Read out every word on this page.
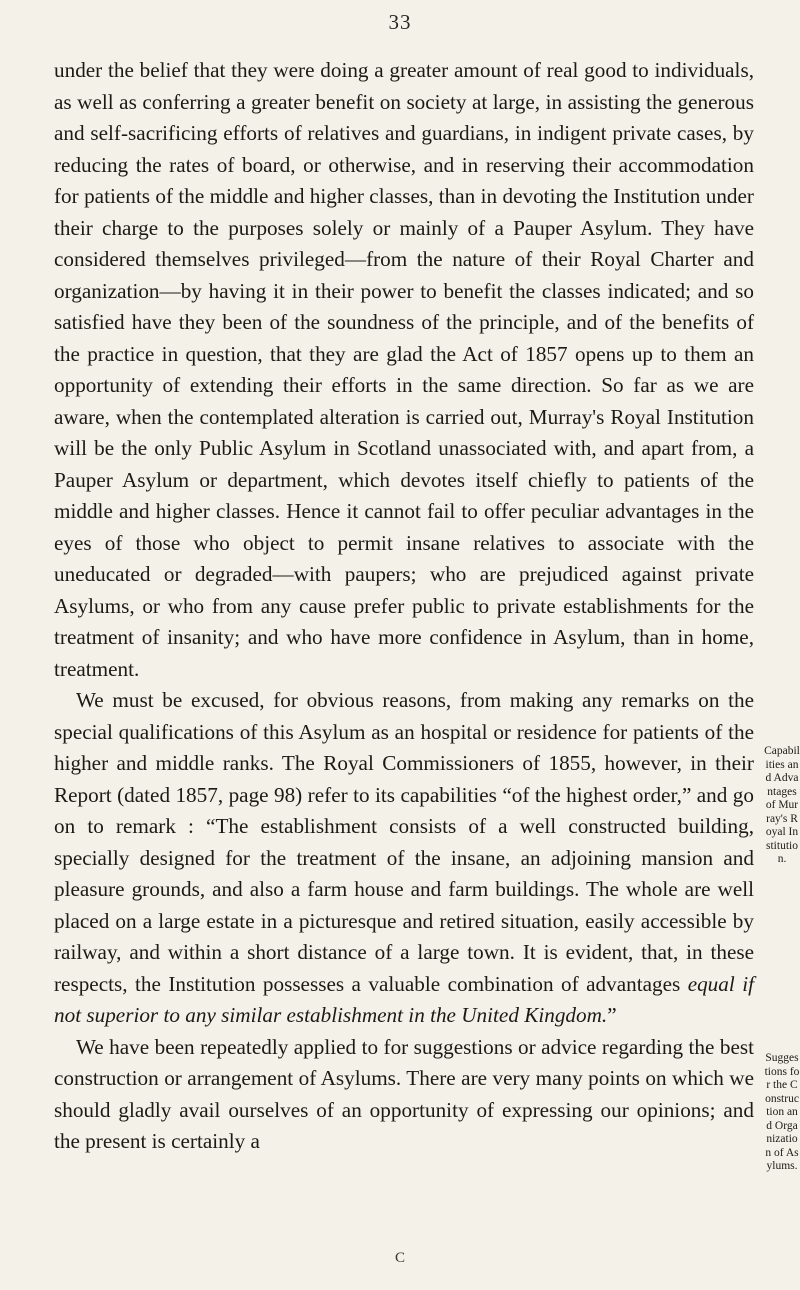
33

under the belief that they were doing a greater amount of real good to individuals, as well as conferring a greater benefit on society at large, in assisting the generous and self-sacrificing efforts of relatives and guardians, in indigent private cases, by reducing the rates of board, or otherwise, and in reserving their accommodation for patients of the middle and higher classes, than in devoting the Institution under their charge to the purposes solely or mainly of a Pauper Asylum. They have considered themselves privileged—from the nature of their Royal Charter and organization—by having it in their power to benefit the classes indicated; and so satisfied have they been of the soundness of the principle, and of the benefits of the practice in question, that they are glad the Act of 1857 opens up to them an opportunity of extending their efforts in the same direction. So far as we are aware, when the contemplated alteration is carried out, Murray's Royal Institution will be the only Public Asylum in Scotland unassociated with, and apart from, a Pauper Asylum or department, which devotes itself chiefly to patients of the middle and higher classes. Hence it cannot fail to offer peculiar advantages in the eyes of those who object to permit insane relatives to associate with the uneducated or degraded—with paupers; who are prejudiced against private Asylums, or who from any cause prefer public to private establishments for the treatment of insanity; and who have more confidence in Asylum, than in home, treatment.

We must be excused, for obvious reasons, from making any remarks on the special qualifications of this Asylum as an hospital or residence for patients of the higher and middle ranks. The Royal Commissioners of 1855, however, in their Report (dated 1857, page 98) refer to its capabilities “of the highest order,” and go on to remark : “The establishment consists of a well constructed building, specially designed for the treatment of the insane, an adjoining mansion and pleasure grounds, and also a farm house and farm buildings. The whole are well placed on a large estate in a picturesque and retired situation, easily accessible by railway, and within a short distance of a large town. It is evident, that, in these respects, the Institution possesses a valuable combination of advantages equal if not superior to any similar establishment in the United Kingdom.”

We have been repeatedly applied to for suggestions or advice regarding the best construction or arrangement of Asylums. There are very many points on which we should gladly avail ourselves of an opportunity of expressing our opinions; and the present is certainly a

Capabilities and Advantages of Murray's Royal Institution.
Suggestions for the Construction and Organization of Asylums.
C
